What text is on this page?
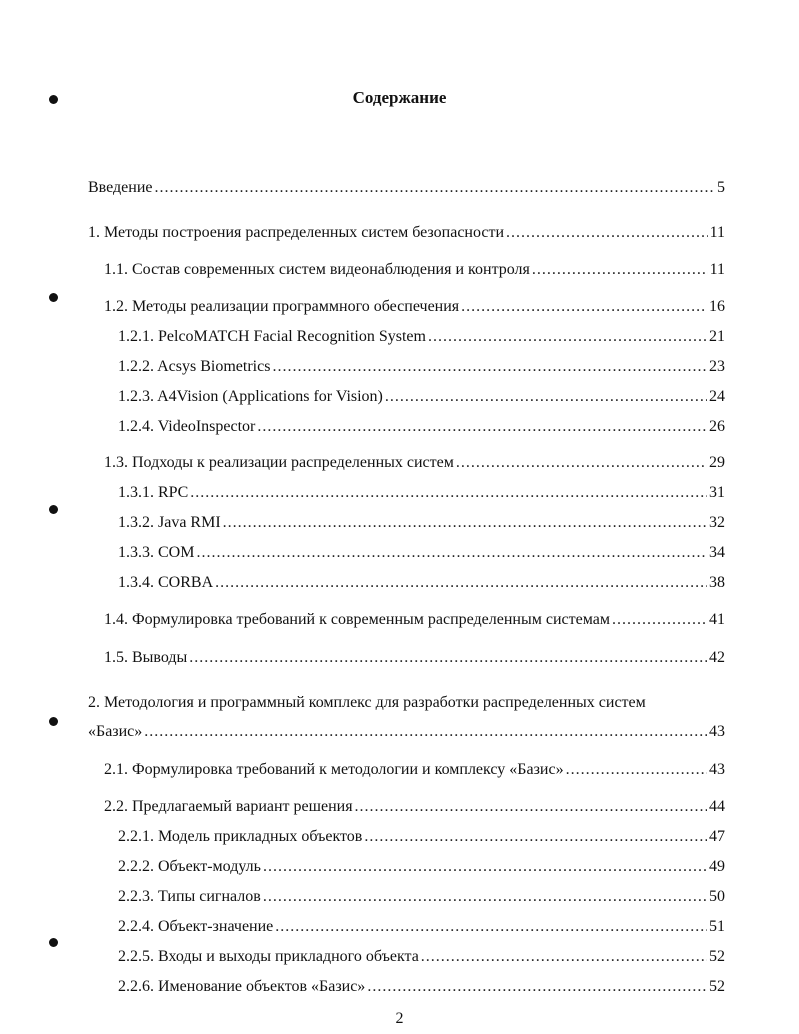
Содержание
Введение .....	5
1. Методы построения распределенных систем безопасности .....	11
1.1. Состав современных систем видеонаблюдения и контроля .....	11
1.2. Методы реализации программного обеспечения .....	16
1.2.1. PelcoMATCH Facial Recognition System .....	21
1.2.2. Acsys Biometrics .....	23
1.2.3. A4Vision (Applications for Vision) .....	24
1.2.4. VideoInspector .....	26
1.3. Подходы к реализации распределенных систем .....	29
1.3.1. RPC .....	31
1.3.2. Java RMI .....	32
1.3.3. COM .....	34
1.3.4. CORBA .....	38
1.4. Формулировка требований к современным распределенным системам .....	41
1.5. Выводы .....	42
2. Методология и программный комплекс для разработки распределенных систем
«Базис» .....	43
2.1. Формулировка требований к методологии и комплексу «Базис» .....	43
2.2. Предлагаемый вариант решения .....	44
2.2.1. Модель прикладных объектов .....	47
2.2.2. Объект-модуль .....	49
2.2.3. Типы сигналов .....	50
2.2.4. Объект-значение .....	51
2.2.5. Входы и выходы прикладного объекта .....	52
2.2.6. Именование объектов «Базис» .....	52
2
